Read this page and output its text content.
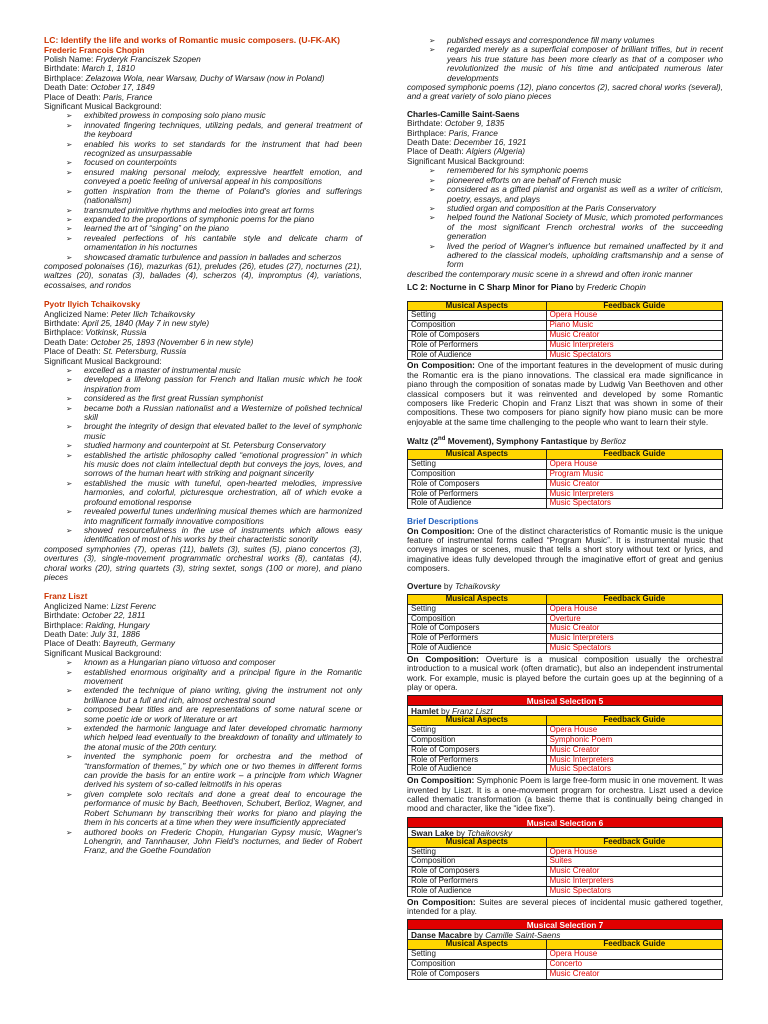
LC: Identify the life and works of Romantic music composers. (U-FK-AK)
Frederic Francois Chopin
Polish Name: Fryderyk Franciszek Szopen
Birthdate: March 1, 1810
Birthplace: Zelazowa Wola, near Warsaw, Duchy of Warsaw (now in Poland)
Death Date: October 17, 1849
Place of Death: Paris, France
Significant Musical Background:
➢ exhibited prowess in composing solo piano music
➢ innovated fingering techniques, utilizing pedals, and general treatment of the keyboard
➢ enabled his works to set standards for the instrument that had been recognized as unsurpassable
➢ focused on counterpoints
➢ ensured making personal melody, expressive heartfelt emotion, and conveyed a poetic feeling of universal appeal in his compositions
➢ gotten inspiration from the theme of Poland's glories and sufferings (nationalism)
➢ transmuted primitive rhythms and melodies into great art forms
➢ expanded to the proportions of symphonic poems for the piano
➢ learned the art of “singing” on the piano
➢ revealed perfections of his cantabile style and delicate charm of ornamentation in his nocturnes
➢ showcased dramatic turbulence and passion in ballades and scherzos
composed polonaises (16), mazurkas (61), preludes (26), etudes (27), nocturnes (21), waltzes (20), sonatas (3), ballades (4), scherzos (4), impromptus (4), variations, ecossaises, and rondos
Pyotr Ilyich Tchaikovsky
Anglicized Name: Peter Ilich Tchaikovsky
Birthdate: April 25, 1840 (May 7 in new style)
Birthplace: Votkinsk, Russia
Death Date: October 25, 1893 (November 6 in new style)
Place of Death: St. Petersburg, Russia
Significant Musical Background:
➢ excelled as a master of instrumental music
➢ developed a lifelong passion for French and Italian music which he took inspiration from
➢ considered as the first great Russian symphonist
➢ became both a Russian nationalist and a Westernize of polished technical skill
➢ brought the integrity of design that elevated ballet to the level of symphonic music
➢ studied harmony and counterpoint at St. Petersburg Conservatory
➢ established the artistic philosophy called “emotional progression” in which his music does not claim intellectual depth but conveys the joys, loves, and sorrows of the human heart with striking and poignant sincerity
➢ established the music with tuneful, open-hearted melodies, impressive harmonies, and colorful, picturesque orchestration, all of which evoke a profound emotional response
➢ revealed powerful tunes underlining musical themes which are harmonized into magnificent formally innovative compositions
➢ showed resourcefulness in the use of instruments which allows easy identification of most of his works by their characteristic sonority
composed symphonies (7), operas (11), ballets (3), suites (5), piano concertos (3), overtures (3), single-movement programmatic orchestral works (8), cantatas (4), choral works (20), string quartets (3), string sextet, songs (100 or more), and piano pieces
Franz Liszt
Anglicized Name: Lizst Ferenc
Birthdate: October 22, 1811
Birthplace: Raiding, Hungary
Death Date: July 31, 1886
Place of Death: Bayreuth, Germany
Significant Musical Background:
➢ known as a Hungarian piano virtuoso and composer
➢ established enormous originality and a principal figure in the Romantic movement
➢ extended the technique of piano writing, giving the instrument not only brilliance but a full and rich, almost orchestral sound
➢ composed bear titles and are representations of some natural scene or some poetic ide or work of literature or art
➢ extended the harmonic language and later developed chromatic harmony which helped lead eventually to the breakdown of tonality and ultimately to the atonal music of the 20th century.
➢ invented the symphonic poem for orchestra and the method of “transformation of themes,” by which one or two themes in different forms can provide the basis for an entire work – a principle from which Wagner derived his system of so-called leitmotifs in his operas
➢ given complete solo recitals and done a great deal to encourage the performance of music by Bach, Beethoven, Schubert, Berlioz, Wagner, and Robert Schumann by transcribing their works for piano and playing the them in his concerts at a time when they were insufficiently appreciated
➢ authored books on Frederic Chopin, Hungarian Gypsy music, Wagner's Lohengrin, and Tannhauser, John Field's nocturnes, and lieder of Robert Franz, and the Goethe Foundation
➢ published essays and correspondence fill many volumes
➢ regarded merely as a superficial composer of brilliant trifles, but in recent years his true stature has been more clearly as that of a composer who revolutionized the music of his time and anticipated numerous later developments
composed symphonic poems (12), piano concertos (2), sacred choral works (several), and a great variety of solo piano pieces
Charles-Camille Saint-Saens
Birthdate: October 9, 1835
Birthplace: Paris, France
Death Date: December 16, 1921
Place of Death: Algiers (Algeria)
Significant Musical Background:
➢ remembered for his symphonic poems
➢ pioneered efforts on are behalf of French music
➢ considered as a gifted pianist and organist as well as a writer of criticism, poetry, essays, and plays
➢ studied organ and composition at the Paris Conservatory
➢ helped found the National Society of Music, which promoted performances of the most significant French orchestral works of the succeeding generation
➢ lived the period of Wagner's influence but remained unaffected by it and adhered to the classical models, upholding craftsmanship and a sense of form
described the contemporary music scene in a shrewd and often ironic manner
LC 2: Nocturne in C Sharp Minor for Piano by Frederic Chopin
Musical Aspects	Feedback Guide
Setting	Opera House
Composition	Piano Music
Role of Composers	Music Creator
Role of Performers	Music Interpreters
Role of Audience	Music Spectators
On Composition: One of the important features in the development of music during the Romantic era is the piano innovations. The classical era made significance in piano through the composition of sonatas made by Ludwig Van Beethoven and other classical composers but it was reinvented and developed by some Romantic composers like Frederic Chopin and Franz Liszt that was shown in some of their compositions. These two composers for piano signify how piano music can be more enjoyable at the same time challenging to the people who want to learn their style.
Waltz (2nd Movement), Symphony Fantastique by Berlioz
Musical Aspects	Feedback Guide
Setting	Opera House
Composition	Program Music
Role of Composers	Music Creator
Role of Performers	Music Interpreters
Role of Audience	Music Spectators
Brief Descriptions
On Composition: One of the distinct characteristics of Romantic music is the unique feature of instrumental forms called “Program Music”. It is instrumental music that conveys images or scenes, music that tells a short story without text or lyrics, and imaginative ideas fully developed through the imaginative effort of great and genius composers.
Overture by Tchaikovsky
Musical Aspects	Feedback Guide
Setting	Opera House
Composition	Overture
Role of Composers	Music Creator
Role of Performers	Music Interpreters
Role of Audience	Music Spectators
On Composition: Overture is a musical composition usually the orchestral introduction to a musical work (often dramatic), but also an independent instrumental work. For example, music is played before the curtain goes up at the beginning of a play or opera.
Musical Selection 5
Hamlet by Franz Liszt
Musical Aspects	Feedback Guide
Setting	Opera House
Composition	Symphonic Poem
Role of Composers	Music Creator
Role of Performers	Music Interpreters
Role of Audience	Music Spectators
On Composition: Symphonic Poem is large free-form music in one movement. It was invented by Liszt. It is a one-movement program for orchestra. Liszt used a device called thematic transformation (a basic theme that is continually being changed in mood and character, like the “idee fixe”).
Musical Selection 6
Swan Lake by Tchaikovsky
Musical Aspects	Feedback Guide
Setting	Opera House
Composition	Suites
Role of Composers	Music Creator
Role of Performers	Music Interpreters
Role of Audience	Music Spectators
On Composition: Suites are several pieces of incidental music gathered together, intended for a play.
Musical Selection 7
Danse Macabre by Camille Saint-Saens
Musical Aspects	Feedback Guide
Setting	Opera House
Composition	Concerto
Role of Composers	Music Creator
